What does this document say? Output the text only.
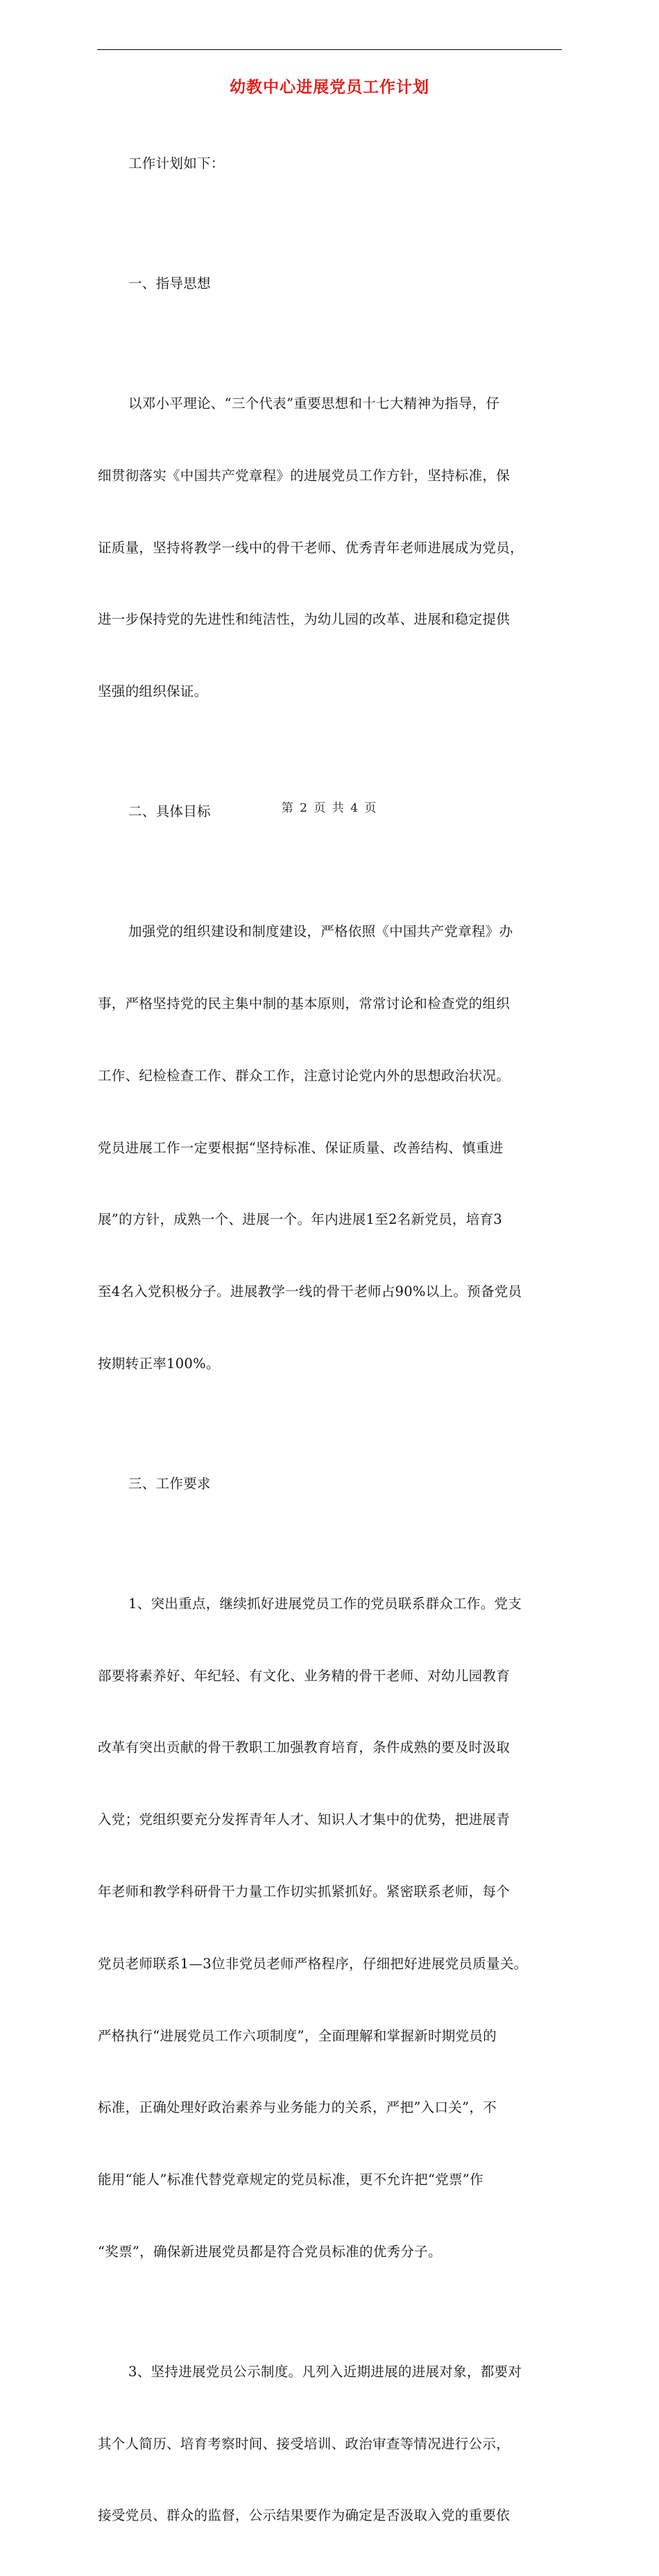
幼教中心进展党员工作计划

工作计划如下：

一、指导思想

以邓小平理论、“三个代表”重要思想和十七大精神为指导，仔

细贯彻落实《中国共产党章程》的进展党员工作方针，坚持标准，保

证质量，坚持将教学一线中的骨干老师、优秀青年老师进展成为党员，

进一步保持党的先进性和纯洁性，为幼儿园的改革、进展和稳定提供

坚强的组织保证。

二、具体目标

加强党的组织建设和制度建设，严格依照《中国共产党章程》办

事，严格坚持党的民主集中制的基本原则，常常讨论和检查党的组织

工作、纪检检查工作、群众工作，注意讨论党内外的思想政治状况。

党员进展工作一定要根据“坚持标准、保证质量、改善结构、慎重进

展”的方针，成熟一个、进展一个。年内进展1至2名新党员，培育3

至4名入党积极分子。进展教学一线的骨干老师占90%以上。预备党员

按期转正率100%。

三、工作要求

1、突出重点，继续抓好进展党员工作的党员联系群众工作。党支

部要将素养好、年纪轻、有文化、业务精的骨干老师、对幼儿园教育

改革有突出贡献的骨干教职工加强教育培育，条件成熟的要及时汲取

入党；党组织要充分发挥青年人才、知识人才集中的优势，把进展青

年老师和教学科研骨干力量工作切实抓紧抓好。紧密联系老师，每个

党员老师联系1—3位非党员老师严格程序，仔细把好进展党员质量关。

严格执行“进展党员工作六项制度”，全面理解和掌握新时期党员的

标准，正确处理好政治素养与业务能力的关系，严把”入口关”，不

能用“能人”标准代替党章规定的党员标准，更不允许把“党票”作

“奖票”，确保新进展党员都是符合党员标准的优秀分子。

3、坚持进展党员公示制度。凡列入近期进展的进展对象，都要对

其个人简历、培育考察时间、接受培训、政治审查等情况进行公示，

接受党员、群众的监督，公示结果要作为确定是否汲取入党的重要依

第 2 页 共 4 页
